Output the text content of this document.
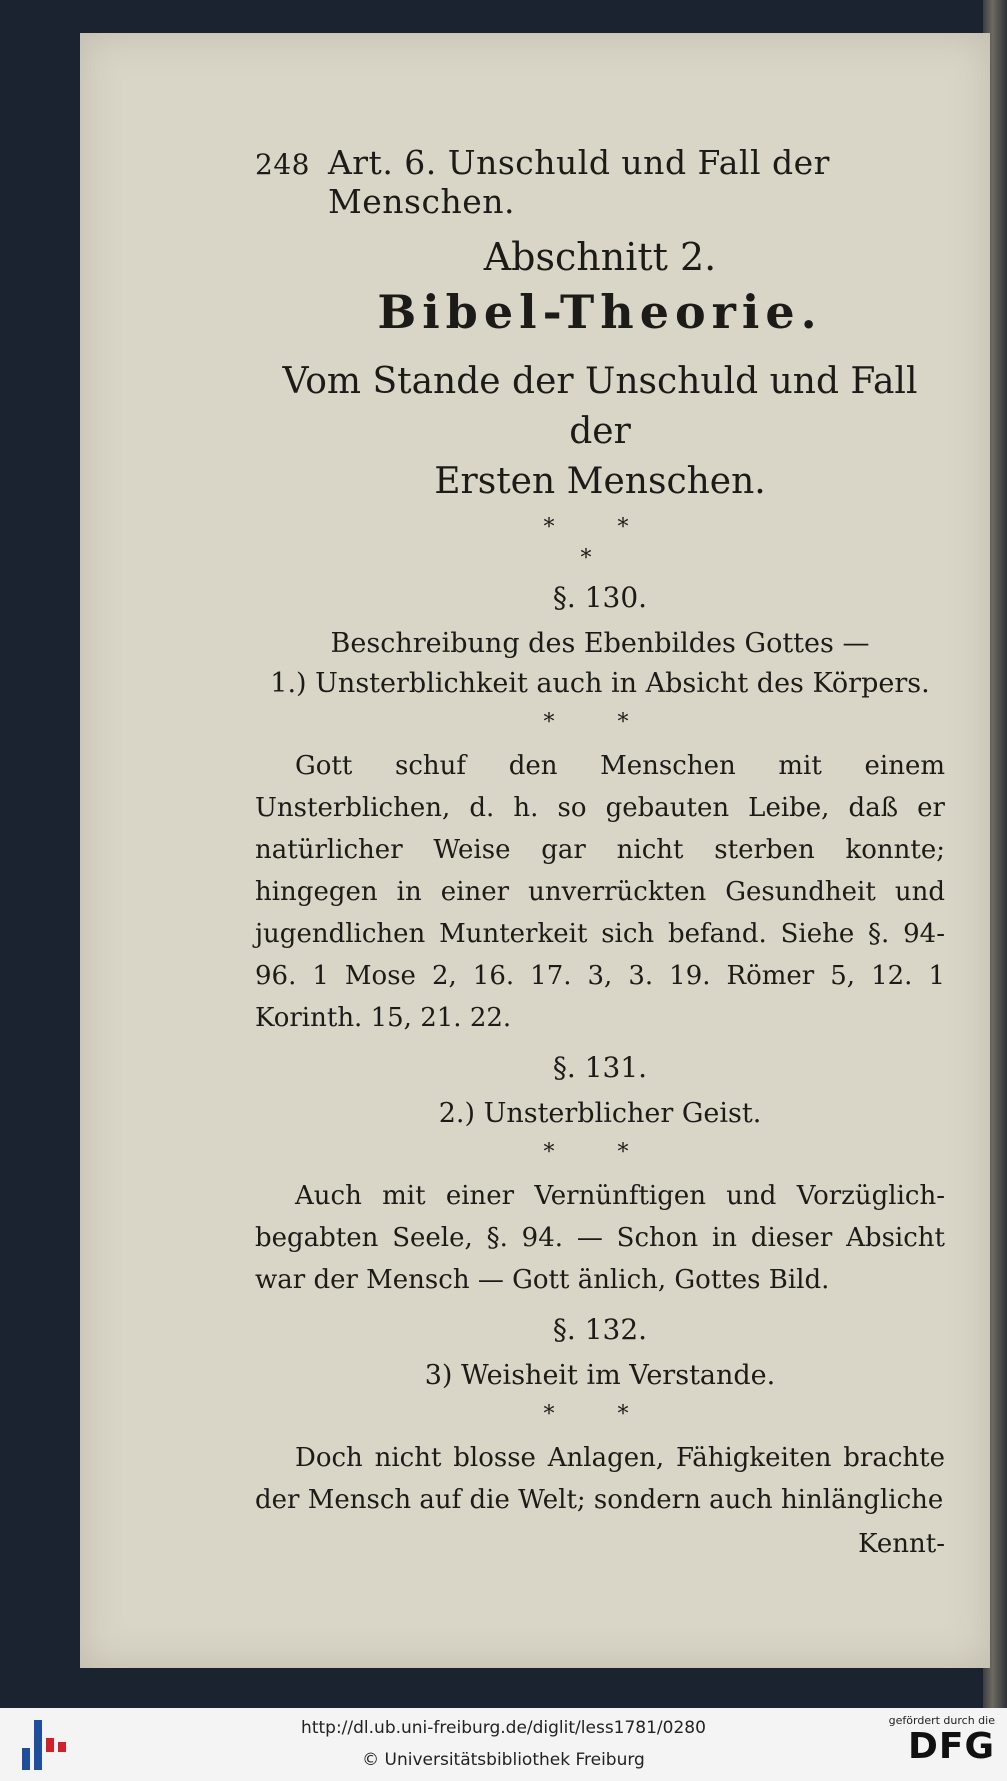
248 Art. 6. Unschuld und Fall der Menschen.
Abschnitt 2.
Bibel-Theorie.
Vom Stande der Unschuld und Fall der
Ersten Menschen.
* *
*
§. 130.
Beschreibung des Ebenbildes Gottes —
1.) Unsterblichkeit auch in Absicht des Körpers.
* *
Gott schuf den Menschen mit einem Unsterblichen, d. h. so gebauten Leibe, daß er natürlicher Weise gar nicht sterben konnte; hingegen in einer unverrückten Gesundheit und jugendlichen Munterkeit sich befand. Siehe §. 94-96. 1 Mose 2, 16. 17. 3, 3. 19. Römer 5, 12. 1 Korinth. 15, 21. 22.
§. 131.
2.) Unsterblicher Geist.
* *
Auch mit einer Vernünftigen und Vorzüglich-begabten Seele, §. 94. — Schon in dieser Absicht war der Mensch — Gott änlich, Gottes Bild.
§. 132.
3) Weisheit im Verstande.
* *
Doch nicht blosse Anlagen, Fähigkeiten brachte der Mensch auf die Welt; sondern auch hinlängliche
Kennt-
http://dl.ub.uni-freiburg.de/diglit/less1781/0280
© Universitätsbibliothek Freiburg
gefördert durch die
DFG
